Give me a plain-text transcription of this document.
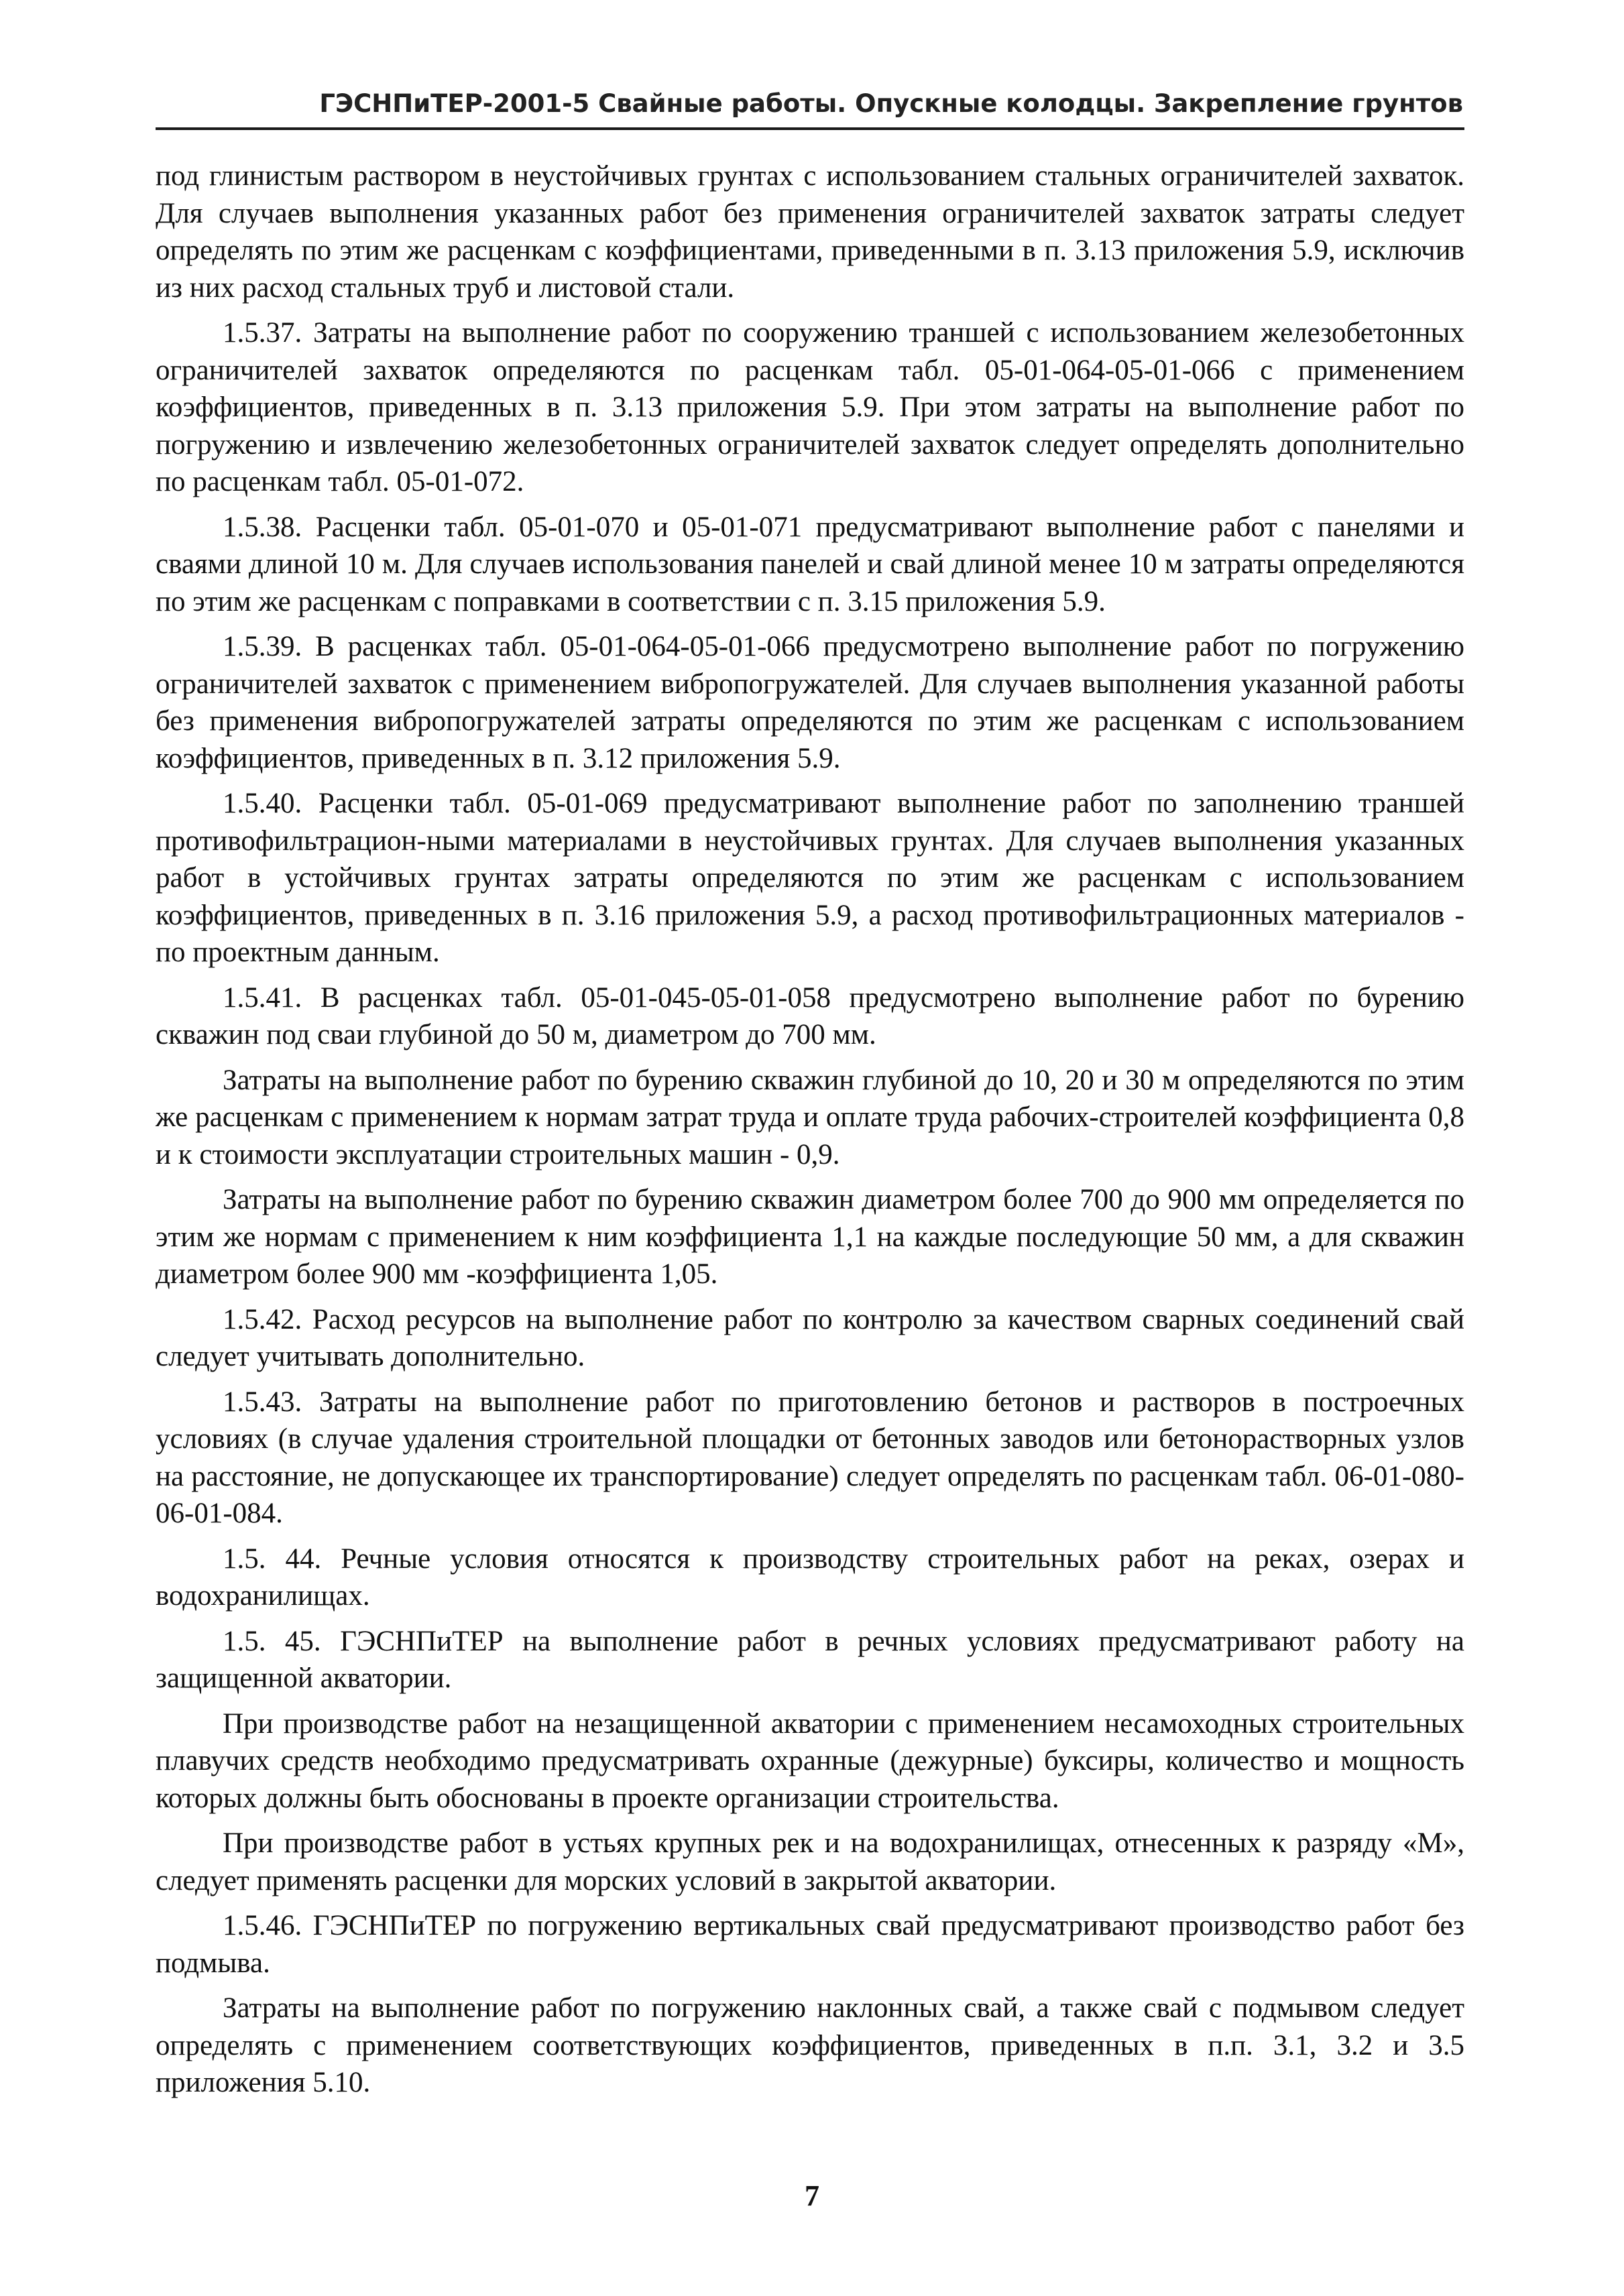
ГЭСНПиТЕР-2001-5 Свайные работы. Опускные колодцы. Закрепление грунтов

под глинистым раствором в неустойчивых грунтах с использованием стальных ограничителей захваток. Для случаев выполнения указанных работ без применения ограничителей захваток затраты следует определять по этим же расценкам с коэффициентами, приведенными в п. 3.13 приложения 5.9, исключив из них расход стальных труб и листовой стали.

1.5.37. Затраты на выполнение работ по сооружению траншей с использованием железобетонных ограничителей захваток определяются по расценкам табл. 05-01-064-05-01-066 с применением коэффициентов, приведенных в п. 3.13 приложения 5.9. При этом затраты на выполнение работ по погружению и извлечению железобетонных ограничителей захваток следует определять дополнительно по расценкам табл. 05-01-072.

1.5.38. Расценки табл. 05-01-070 и 05-01-071 предусматривают выполнение работ с панелями и сваями длиной 10 м. Для случаев использования панелей и свай длиной менее 10 м затраты определяются по этим же расценкам с поправками в соответствии с п. 3.15 приложения 5.9.

1.5.39. В расценках табл. 05-01-064-05-01-066 предусмотрено выполнение работ по погружению ограничителей захваток с применением вибропогружателей. Для случаев выполнения указанной работы без применения вибропогружателей затраты определяются по этим же расценкам с использованием коэффициентов, приведенных в п. 3.12 приложения 5.9.

1.5.40. Расценки табл. 05-01-069 предусматривают выполнение работ по заполнению траншей противофильтрацион-ными материалами в неустойчивых грунтах. Для случаев выполнения указанных работ в устойчивых грунтах затраты определяются по этим же расценкам с использованием коэффициентов, приведенных в п. 3.16 приложения 5.9, а расход противофильтрационных материалов - по проектным данным.

1.5.41. В расценках табл. 05-01-045-05-01-058 предусмотрено выполнение работ по бурению скважин под сваи глубиной до 50 м, диаметром до 700 мм.

Затраты на выполнение работ по бурению скважин глубиной до 10, 20 и 30 м определяются по этим же расценкам с применением к нормам затрат труда и оплате труда рабочих-строителей коэффициента 0,8 и к стоимости эксплуатации строительных машин - 0,9.

Затраты на выполнение работ по бурению скважин диаметром более 700 до 900 мм определяется по этим же нормам с применением к ним коэффициента 1,1 на каждые последующие 50 мм, а для скважин диаметром более 900 мм -коэффициента 1,05.

1.5.42. Расход ресурсов на выполнение работ по контролю за качеством сварных соединений свай следует учитывать дополнительно.

1.5.43. Затраты на выполнение работ по приготовлению бетонов и растворов в построечных условиях (в случае удаления строительной площадки от бетонных заводов или бетонорастворных узлов на расстояние, не допускающее их транспортирование) следует определять по расценкам табл. 06-01-080-06-01-084.

1.5. 44. Речные условия относятся к производству строительных работ на реках, озерах и водохранилищах.

1.5. 45. ГЭСНПиТЕР на выполнение работ в речных условиях предусматривают работу на защищенной акватории.

При производстве работ на незащищенной акватории с применением несамоходных строительных плавучих средств необходимо предусматривать охранные (дежурные) буксиры, количество и мощность которых должны быть обоснованы в проекте организации строительства.

При производстве работ в устьях крупных рек и на водохранилищах, отнесенных к разряду «М», следует применять расценки для морских условий в закрытой акватории.

1.5.46. ГЭСНПиТЕР по погружению вертикальных свай предусматривают производство работ без подмыва.

Затраты на выполнение работ по погружению наклонных свай, а также свай с подмывом следует определять с применением соответствующих коэффициентов, приведенных в п.п. 3.1, 3.2 и 3.5 приложения 5.10.

7
